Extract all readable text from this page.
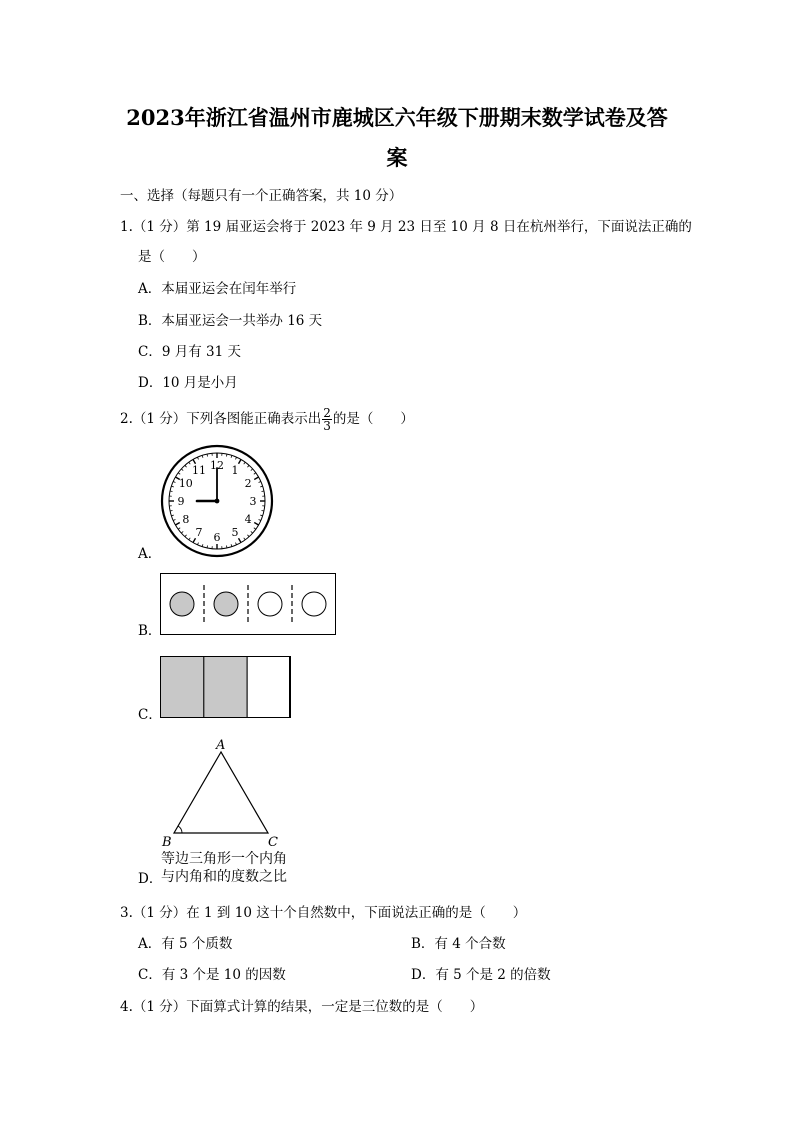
2023年浙江省温州市鹿城区六年级下册期末数学试卷及答
案
一、选择（每题只有一个正确答案，共 10 分）
1.（1 分）第 19 届亚运会将于 2023 年 9 月 23 日至 10 月 8 日在杭州举行，下面说法正确的
是（　　）
A．本届亚运会在闰年举行
B．本届亚运会一共举办 16 天
C．9 月有 31 天
D．10 月是小月
2.（1 分）下列各图能正确表示出 $\frac{2}{3}$ 的是（　　）
12 1
2
3
4
5
6
7
8
9
10
11
A．
B．
C．
A
B	C
等边三角形一个内角
与内角和的度数之比
D．
3.（1 分）在 1 到 10 这十个自然数中，下面说法正确的是（　　）
A．有 5 个质数	B．有 4 个合数
C．有 3 个是 10 的因数	D．有 5 个是 2 的倍数
4.（1 分）下面算式计算的结果，一定是三位数的是（　　）
